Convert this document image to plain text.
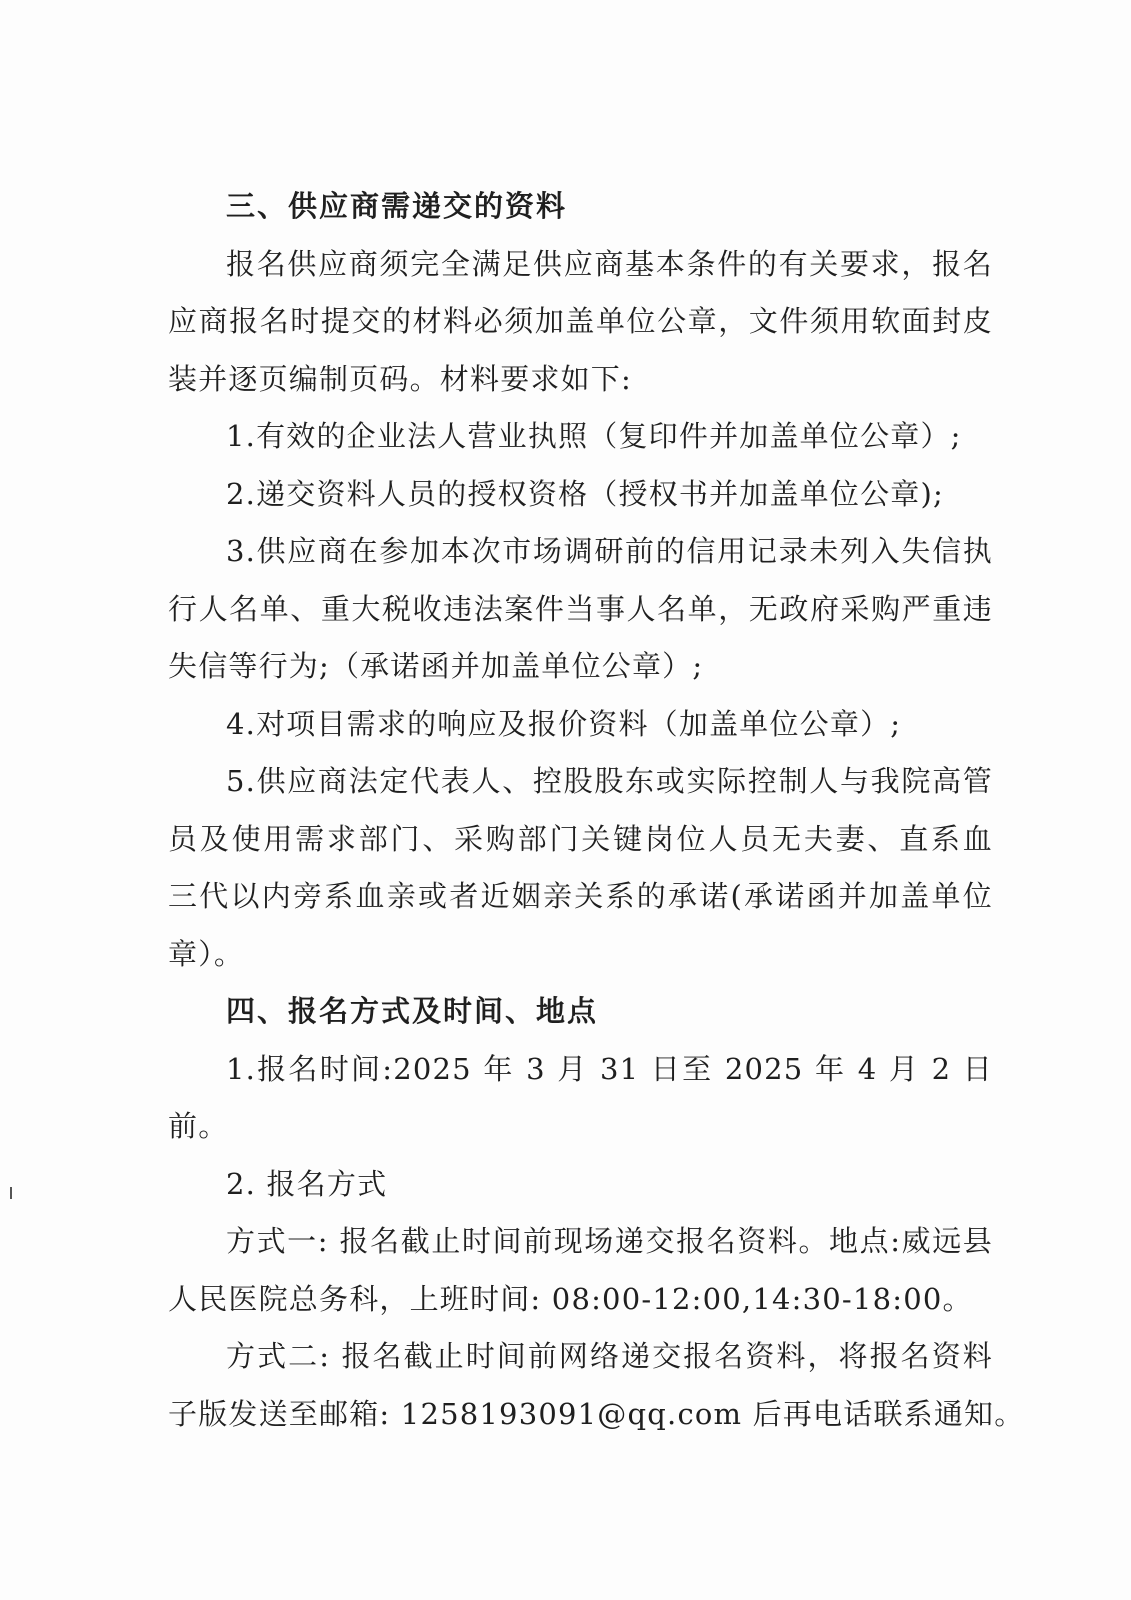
三、供应商需递交的资料
报名供应商须完全满足供应商基本条件的有关要求，报名
应商报名时提交的材料必须加盖单位公章，文件须用软面封皮
装并逐页编制页码。材料要求如下:
1.有效的企业法人营业执照（复印件并加盖单位公章）;
2.递交资料人员的授权资格（授权书并加盖单位公章);
3.供应商在参加本次市场调研前的信用记录未列入失信执
行人名单、重大税收违法案件当事人名单，无政府采购严重违
失信等行为;（承诺函并加盖单位公章）;
4.对项目需求的响应及报价资料（加盖单位公章）;
5.供应商法定代表人、控股股东或实际控制人与我院高管
员及使用需求部门、采购部门关键岗位人员无夫妻、直系血
三代以内旁系血亲或者近姻亲关系的承诺(承诺函并加盖单位
章）。
四、报名方式及时间、地点
1.报名时间:2025 年 3 月 31 日至 2025 年 4 月 2 日
前。
2. 报名方式
方式一: 报名截止时间前现场递交报名资料。地点:威远县
人民医院总务科，上班时间: 08:00-12:00,14:30-18:00。
方式二: 报名截止时间前网络递交报名资料，将报名资料
子版发送至邮箱: 1258193091@qq.com 后再电话联系通知。
